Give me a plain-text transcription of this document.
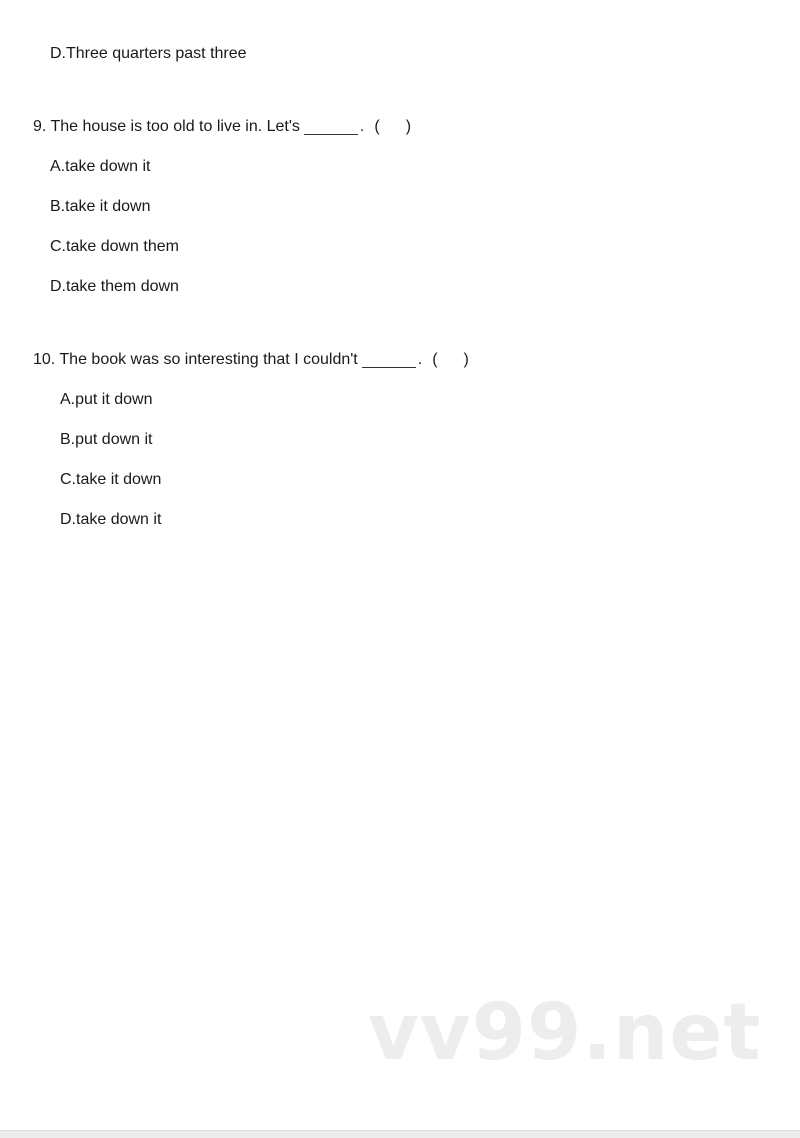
D.Three quarters past three
9. The house is too old to live in. Let's	. ( )
A.take down it
B.take it down
C.take down them
D.take them down
10. The book was so interesting that I couldn't	. ( )
A.put it down
B.put down it
C.take it down
D.take down it
vv99.net
